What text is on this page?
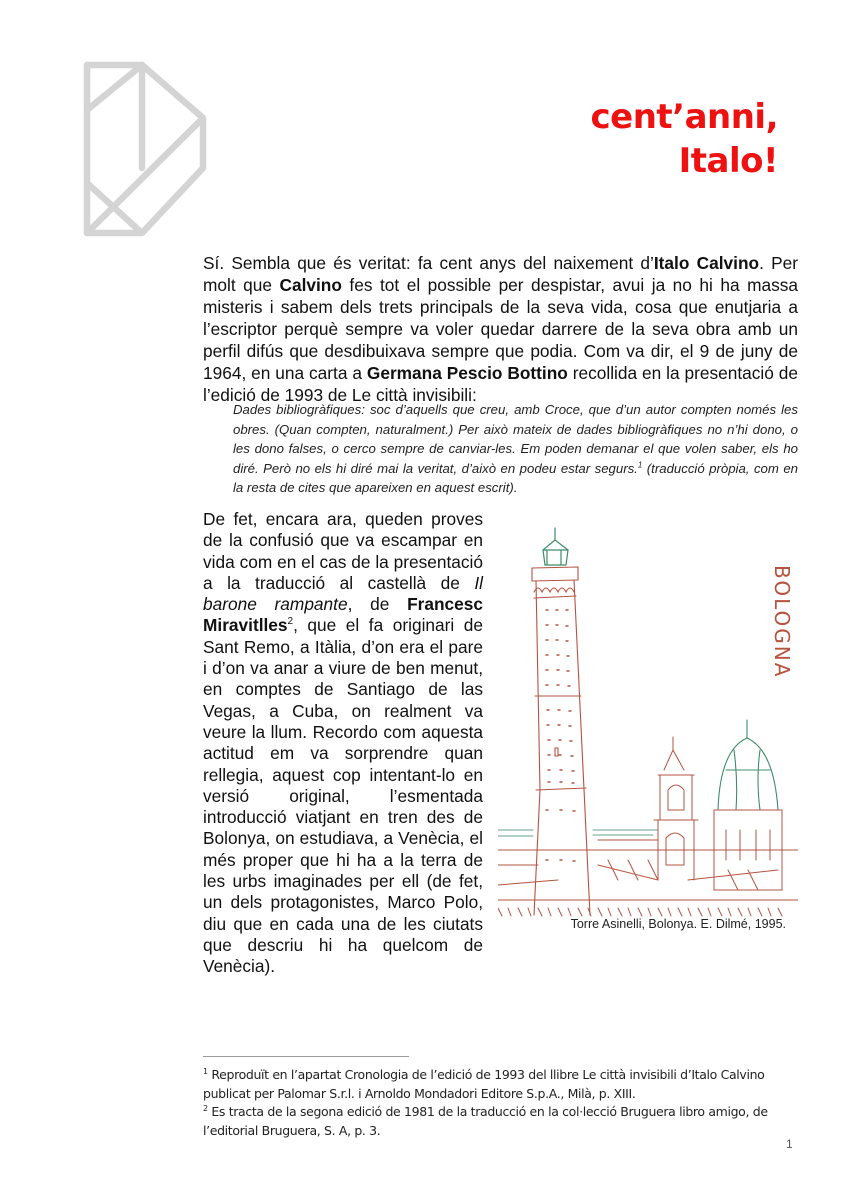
cent’anni,
Italo!

Sí. Sembla que és veritat: fa cent anys del naixement d’Italo Calvino. Per molt que Calvino fes tot el possible per despistar, avui ja no hi ha massa misteris i sabem dels trets principals de la seva vida, cosa que enutjaria a l’escriptor perquè sempre va voler quedar darrere de la seva obra amb un perfil difús que desdibuixava sempre que podia. Com va dir, el 9 de juny de 1964, en una carta a Germana Pescio Bottino recollida en la presentació de l’edició de 1993 de Le città invisibili:

Dades bibliogràfiques: soc d’aquells que creu, amb Croce, que d’un autor compten només les obres. (Quan compten, naturalment.) Per això mateix de dades bibliogràfiques no n’hi dono, o les dono falses, o cerco sempre de canviar-les. Em poden demanar el que volen saber, els ho diré. Però no els hi diré mai la veritat, d’això en podeu estar segurs.$^1$ (traducció pròpia, com en la resta de cites que apareixen en aquest escrit).

De fet, encara ara, queden proves de la confusió que va escampar en vida com en el cas de la presentació a la traducció al castellà de Il barone rampante, de Francesc Miravitlles$^2$, que el fa originari de Sant Remo, a Itàlia, d’on era el pare i d’on va anar a viure de ben menut, en comptes de Santiago de las Vegas, a Cuba, on realment va veure la llum. Recordo com aquesta actitud em va sorprendre quan rellegia, aquest cop intentant-lo en versió original, l’esmentada introducció viatjant en tren des de Bolonya, on estudiava, a Venècia, el més proper que hi ha a la terra de les urbs imaginades per ell (de fet, un dels protagonistes, Marco Polo, diu que en cada una de les ciutats que descriu hi ha quelcom de Venècia).

BOLOGNA
Torre Asinelli, Bolonya. E. Dilmé, 1995.
$^1$ Reproduït en l’apartat Cronologia de l’edició de 1993 del llibre Le città invisibili d’Italo Calvino publicat per Palomar S.r.l. i Arnoldo Mondadori Editore S.p.A., Milà, p. XIII.
$^2$ Es tracta de la segona edició de 1981 de la traducció en la col·lecció Bruguera libro amigo, de l’editorial Bruguera, S. A, p. 3.
1
